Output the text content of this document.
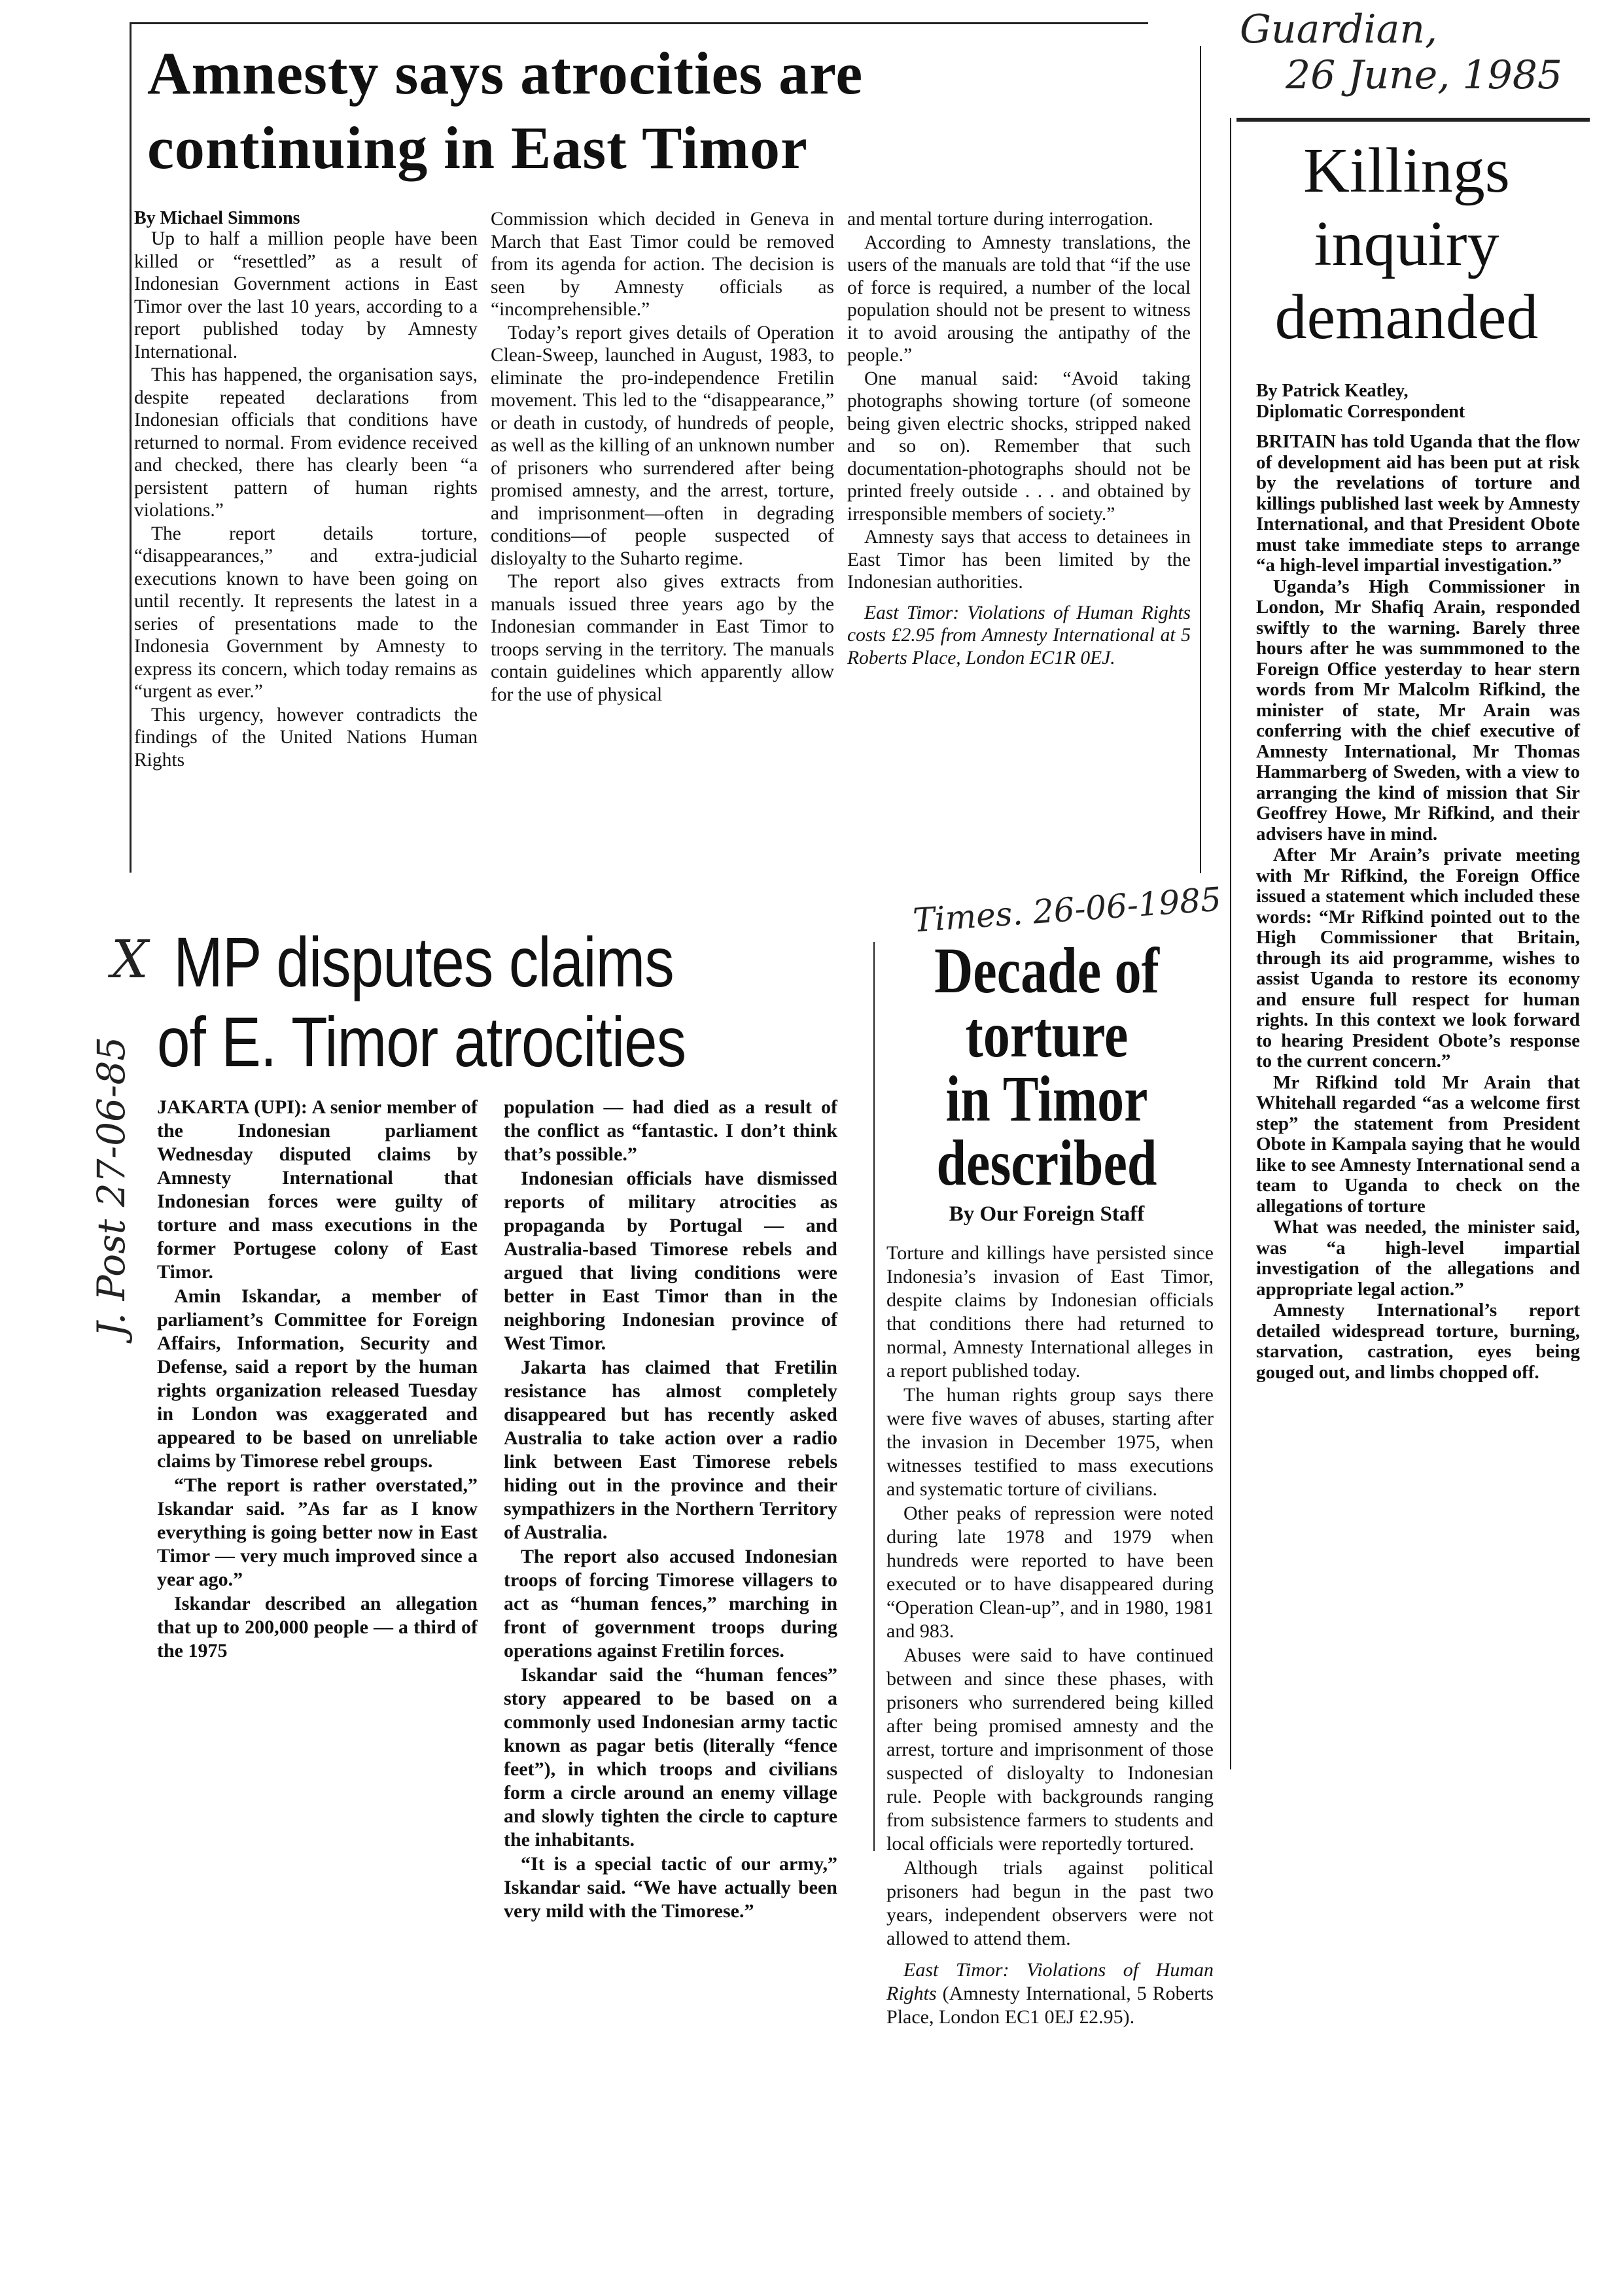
Guardian,
26 June, 1985
Times. 26-06-1985
J. Post 27-06-85
X
Amnesty says atrocities are
continuing in East Timor
By Michael Simmons

Up to half a million people have been killed or “resettled” as a result of Indonesian Government actions in East Timor over the last 10 years, according to a report published today by Amnesty International.

This has happened, the organisation says, despite repeated declarations from Indonesian officials that conditions have returned to normal. From evidence received and checked, there has clearly been “a persistent pattern of human rights violations.”

The report details torture, “disappearances,” and extra-judicial executions known to have been going on until recently. It represents the latest in a series of presentations made to the Indonesia Government by Amnesty to express its concern, which today remains as “urgent as ever.”

This urgency, however contradicts the findings of the United Nations Human Rights

Commission which decided in Geneva in March that East Timor could be removed from its agenda for action. The decision is seen by Amnesty officials as “incomprehensible.”

Today’s report gives details of Operation Clean-Sweep, launched in August, 1983, to eliminate the pro-independence Fretilin movement. This led to the “disappearance,” or death in custody, of hundreds of people, as well as the killing of an unknown number of prisoners who surrendered after being promised amnesty, and the arrest, torture, and imprisonment—often in degrading conditions—of people suspected of disloyalty to the Suharto regime.

The report also gives extracts from manuals issued three years ago by the Indonesian commander in East Timor to troops serving in the territory. The manuals contain guidelines which apparently allow for the use of physical

and mental torture during interrogation.

According to Amnesty translations, the users of the manuals are told that “if the use of force is required, a number of the local population should not be present to witness it to avoid arousing the antipathy of the people.”

One manual said: “Avoid taking photographs showing torture (of someone being given electric shocks, stripped naked and so on). Remember that such documentation-photographs should not be printed freely outside . . . and obtained by irresponsible members of society.”

Amnesty says that access to detainees in East Timor has been limited by the Indonesian authorities.

East Timor: Violations of Human Rights costs £2.95 from Amnesty International at 5 Roberts Place, London EC1R 0EJ.

Killings
inquiry
demanded
By Patrick Keatley,
Diplomatic Correspondent

BRITAIN has told Uganda that the flow of development aid has been put at risk by the revelations of torture and killings published last week by Amnesty International, and that President Obote must take immediate steps to arrange “a high-level impartial investigation.”

Uganda’s High Commissioner in London, Mr Shafiq Arain, responded swiftly to the warning. Barely three hours after he was summmoned to the Foreign Office yesterday to hear stern words from Mr Malcolm Rifkind, the minister of state, Mr Arain was conferring with the chief executive of Amnesty International, Mr Thomas Hammarberg of Sweden, with a view to arranging the kind of mission that Sir Geoffrey Howe, Mr Rifkind, and their advisers have in mind.

After Mr Arain’s private meeting with Mr Rifkind, the Foreign Office issued a statement which included these words: “Mr Rifkind pointed out to the High Commissioner that Britain, through its aid programme, wishes to assist Uganda to restore its economy and ensure full respect for human rights. In this context we look forward to hearing President Obote’s response to the current concern.”

Mr Rifkind told Mr Arain that Whitehall regarded “as a welcome first step” the statement from President Obote in Kampala saying that he would like to see Amnesty International send a team to Uganda to check on the allegations of torture

What was needed, the minister said, was “a high-level impartial investigation of the allegations and appropriate legal action.”

Amnesty International’s report detailed widespread torture, burning, starvation, castration, eyes being gouged out, and limbs chopped off.

MP disputes claims
of E. Timor atrocities

JAKARTA (UPI): A senior member of the Indonesian parliament Wednesday disputed claims by Amnesty International that Indonesian forces were guilty of torture and mass executions in the former Portugese colony of East Timor.

Amin Iskandar, a member of parliament’s Committee for Foreign Affairs, Information, Security and Defense, said a report by the human rights organization released Tuesday in London was exaggerated and appeared to be based on unreliable claims by Timorese rebel groups.

“The report is rather overstated,” Iskandar said. ”As far as I know everything is going better now in East Timor — very much improved since a year ago.”

Iskandar described an allegation that up to 200,000 people — a third of the 1975

population — had died as a result of the conflict as “fantastic. I don’t think that’s possible.”

Indonesian officials have dismissed reports of military atrocities as propaganda by Portugal — and Australia-based Timorese rebels and argued that living conditions were better in East Timor than in the neighboring Indonesian province of West Timor.

Jakarta has claimed that Fretilin resistance has almost completely disappeared but has recently asked Australia to take action over a radio link between East Timorese rebels hiding out in the province and their sympathizers in the Northern Territory of Australia.

The report also accused Indonesian troops of forcing Timorese villagers to act as “human fences,” marching in front of government troops during operations against Fretilin forces.

Iskandar said the “human fences” story appeared to be based on a commonly used Indonesian army tactic known as pagar betis (literally “fence feet”), in which troops and civilians form a circle around an enemy village and slowly tighten the circle to capture the inhabitants.

“It is a special tactic of our army,” Iskandar said. “We have actually been very mild with the Timorese.”

Decade of
torture
in Timor
described
By Our Foreign Staff

Torture and killings have persisted since Indonesia’s invasion of East Timor, despite claims by Indonesian officials that conditions there had returned to normal, Amnesty International alleges in a report published today.

The human rights group says there were five waves of abuses, starting after the invasion in December 1975, when witnesses testified to mass executions and systematic torture of civilians.

Other peaks of repression were noted during late 1978 and 1979 when hundreds were reported to have been executed or to have disappeared during “Operation Clean-up”, and in 1980, 1981 and 983.

Abuses were said to have continued between and since these phases, with prisoners who surrendered being killed after being promised amnesty and the arrest, torture and imprisonment of those suspected of disloyalty to Indonesian rule. People with backgrounds ranging from subsistence farmers to students and local officials were reportedly tortured.

Although trials against political prisoners had begun in the past two years, independent observers were not allowed to attend them.

East Timor: Violations of Human Rights (Amnesty International, 5 Roberts Place, London EC1 0EJ £2.95).
